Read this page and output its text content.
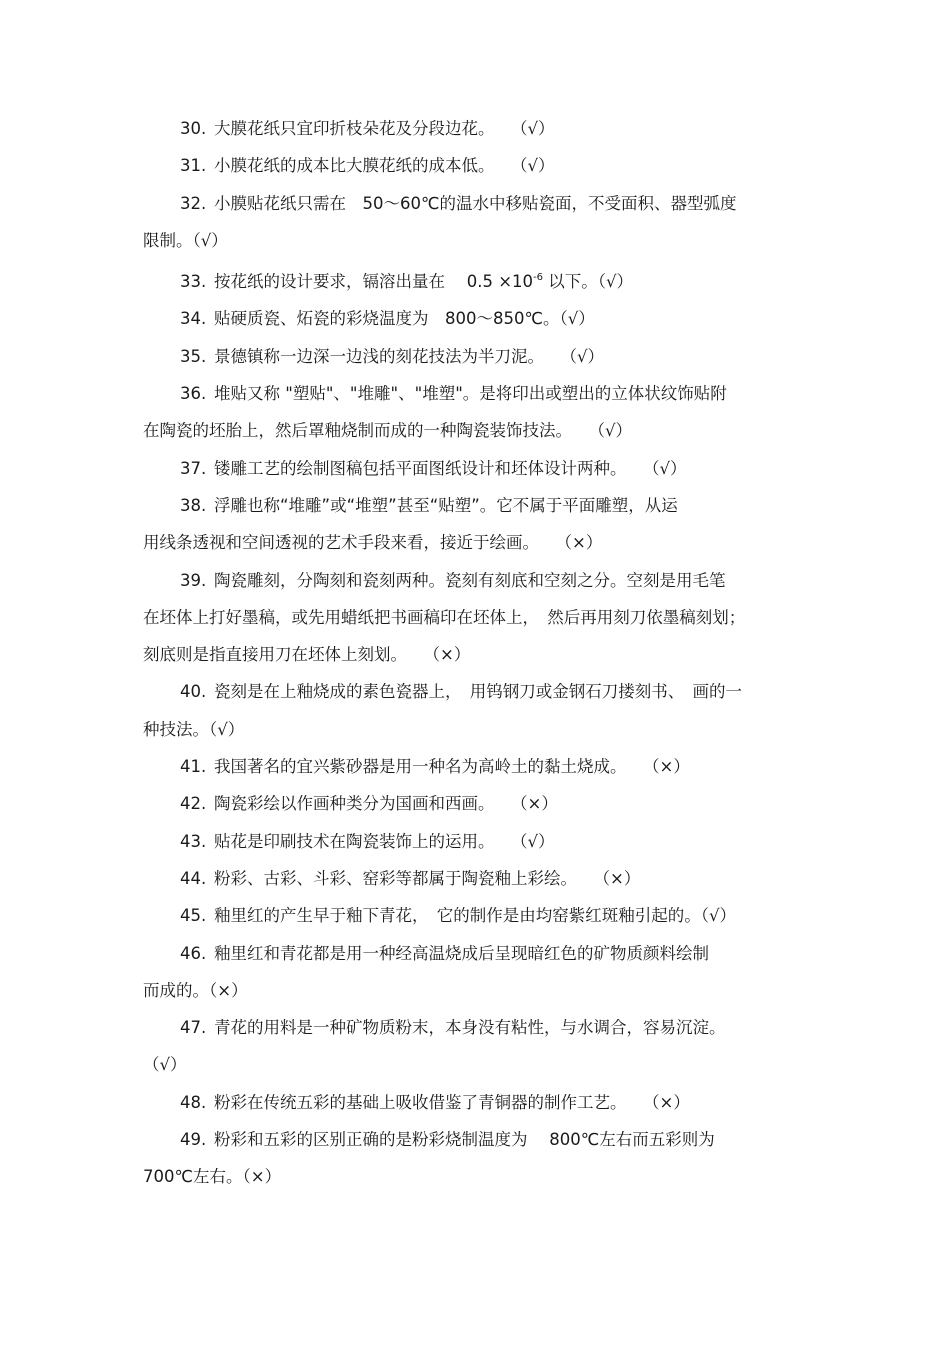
30. 大膜花纸只宜印折枝朵花及分段边花。　　（√）

31. 小膜花纸的成本比大膜花纸的成本低。　　（√）

32. 小膜贴花纸只需在　50～60℃的温水中移贴瓷面，不受面积、器型弧度
限制。（√）

33. 按花纸的设计要求，镉溶出量在　 $0.5 \times 10^{-6}$ 以下。（√）

34. 贴硬质瓷、炻瓷的彩烧温度为　800～850℃。（√）

35. 景德镇称一边深一边浅的刻花技法为半刀泥。　　（√）

36. 堆贴又称 "塑贴"、"堆雕"、"堆塑"。是将印出或塑出的立体状纹饰贴附
在陶瓷的坯胎上，然后罩釉烧制而成的一种陶瓷装饰技法。　　（√）

37. 镂雕工艺的绘制图稿包括平面图纸设计和坯体设计两种。　　（√）

38. 浮雕也称“堆雕”或“堆塑”甚至“贴塑”。它不属于平面雕塑，从运
用线条透视和空间透视的艺术手段来看，接近于绘画。　　（×）

39. 陶瓷雕刻，分陶刻和瓷刻两种。瓷刻有刻底和空刻之分。空刻是用毛笔
在坯体上打好墨稿，或先用蜡纸把书画稿印在坯体上，　然后再用刻刀依墨稿刻划；
刻底则是指直接用刀在坯体上刻划。　　（×）

40. 瓷刻是在上釉烧成的素色瓷器上，　用钨钢刀或金钢石刀搂刻书、　画的一
种技法。（√）

41. 我国著名的宜兴紫砂器是用一种名为高岭土的黏土烧成。　　（×）

42. 陶瓷彩绘以作画种类分为国画和西画。　　（×）

43. 贴花是印刷技术在陶瓷装饰上的运用。　　（√）

44. 粉彩、古彩、斗彩、窑彩等都属于陶瓷釉上彩绘。　　（×）

45. 釉里红的产生早于釉下青花，　它的制作是由均窑紫红斑釉引起的。（√）

46. 釉里红和青花都是用一种经高温烧成后呈现暗红色的矿物质颜料绘制
而成的。（×）

47. 青花的用料是一种矿物质粉末，本身没有粘性，与水调合，容易沉淀。
（√）

48. 粉彩在传统五彩的基础上吸收借鉴了青铜器的制作工艺。　　（×）

49. 粉彩和五彩的区别正确的是粉彩烧制温度为　 800℃左右而五彩则为
700℃左右。（×）
